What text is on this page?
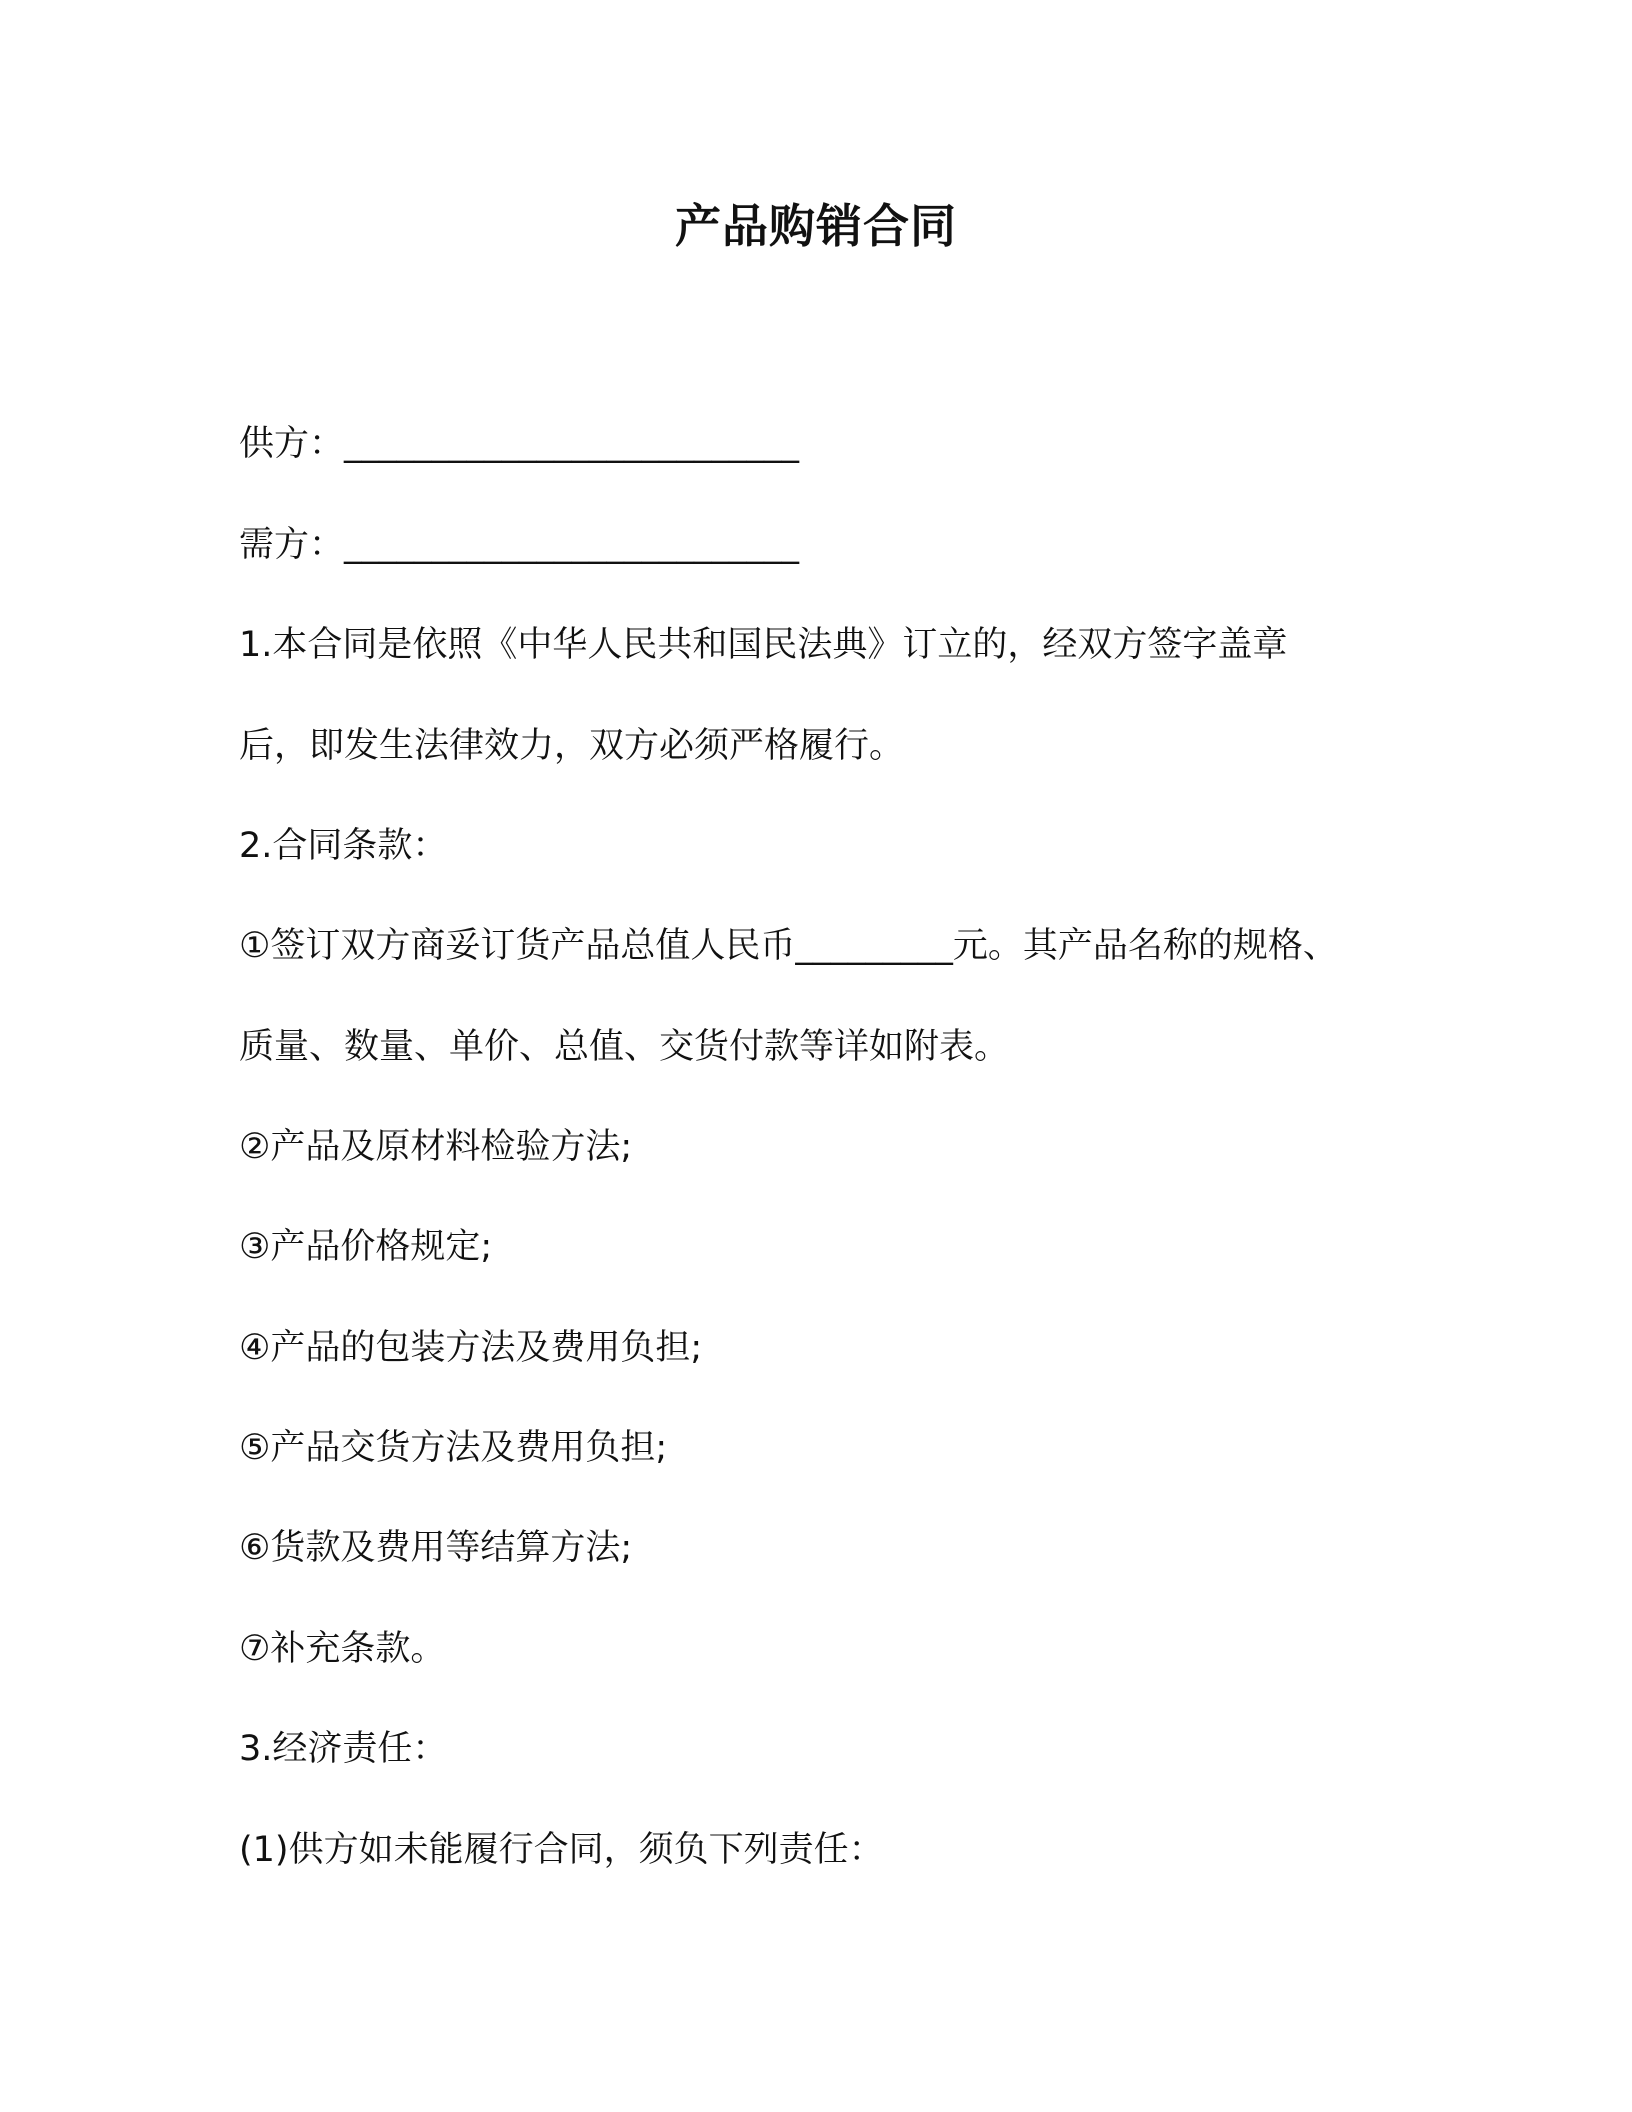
产品购销合同
供方：__________________________
需方：__________________________
1.本合同是依照《中华人民共和国民法典》订立的，经双方签字盖章
后，即发生法律效力，双方必须严格履行。
2.合同条款：
①签订双方商妥订货产品总值人民币_________元。其产品名称的规格、
质量、数量、单价、总值、交货付款等详如附表。
②产品及原材料检验方法;
③产品价格规定;
④产品的包装方法及费用负担;
⑤产品交货方法及费用负担;
⑥货款及费用等结算方法;
⑦补充条款。
3.经济责任：
(1)供方如未能履行合同，须负下列责任：
